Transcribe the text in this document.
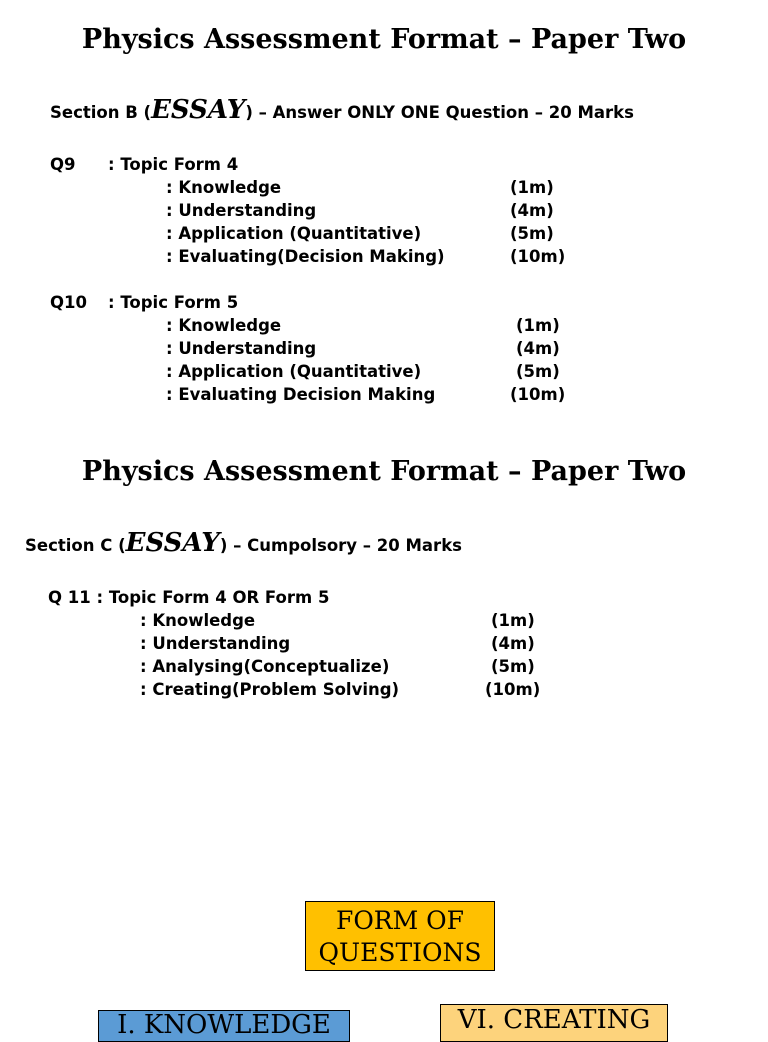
Physics Assessment Format – Paper Two
Section B (ESSAY) – Answer ONLY ONE Question – 20 Marks
Q9 : Topic Form 4
: Knowledge	(1m)
: Understanding	(4m)
: Application (Quantitative)	(5m)
: Evaluating(Decision Making)	(10m)
Q10 : Topic Form 5
: Knowledge	(1m)
: Understanding	(4m)
: Application (Quantitative)	(5m)
: Evaluating Decision Making	(10m)
Physics Assessment Format – Paper Two
Section C (ESSAY) – Cumpolsory – 20 Marks
Q 11 : Topic Form 4 OR Form 5
: Knowledge	(1m)
: Understanding	(4m)
: Analysing(Conceptualize)	(5m)
: Creating(Problem Solving)	(10m)
FORM OF
QUESTIONS
I. KNOWLEDGE	VI. CREATING
